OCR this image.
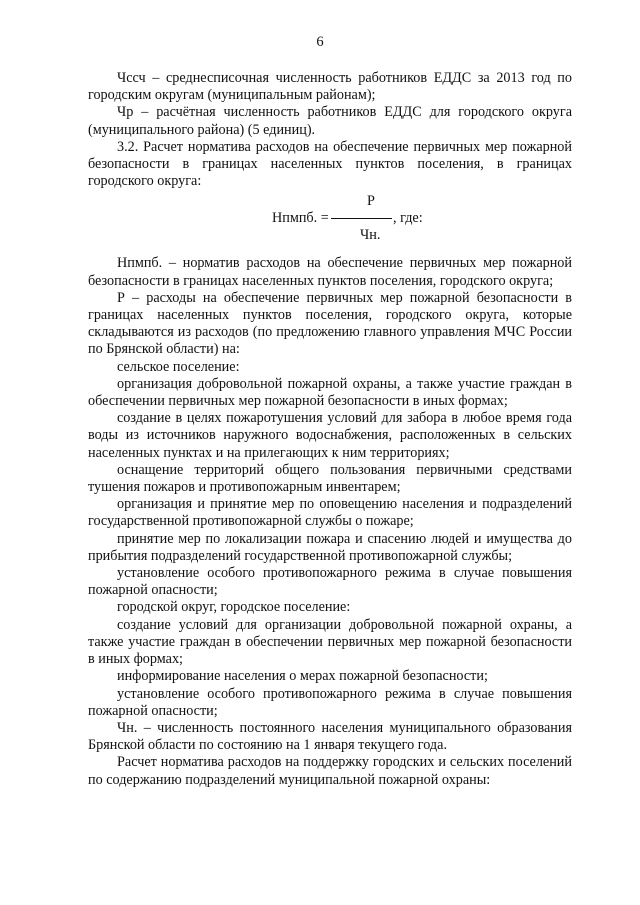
6

Чссч – среднесписочная численность работников ЕДДС за 2013 год по городским округам (муниципальным районам);

Чр – расчётная численность работников ЕДДС для городского округа (муниципального района) (5 единиц).

3.2. Расчет норматива расходов на обеспечение первичных мер пожарной безопасности в границах населенных пунктов поселения, в границах городского округа:

Р
Нпмпб. =	, где:
Чн.

Нпмпб. – норматив расходов на обеспечение первичных мер пожарной безопасности в границах населенных пунктов поселения, городского округа;

Р – расходы на обеспечение первичных мер пожарной безопасности в границах населенных пунктов поселения, городского округа, которые складываются из расходов (по предложению главного управления МЧС России по Брянской области) на:

сельское поселение:

организация добровольной пожарной охраны, а также участие граждан в обеспечении первичных мер пожарной безопасности в иных формах;

создание в целях пожаротушения условий для забора в любое время года воды из источников наружного водоснабжения, расположенных в сельских населенных пунктах и на прилегающих к ним территориях;

оснащение территорий общего пользования первичными средствами тушения пожаров и противопожарным инвентарем;

организация и принятие мер по оповещению населения и подразделений государственной противопожарной службы о пожаре;

принятие мер по локализации пожара и спасению людей и имущества до прибытия подразделений государственной противопожарной службы;

установление особого противопожарного режима в случае повышения пожарной опасности;

городской округ, городское поселение:

создание условий для организации добровольной пожарной охраны, а также участие граждан в обеспечении первичных мер пожарной безопасности в иных формах;

информирование населения о мерах пожарной безопасности;

установление особого противопожарного режима в случае повышения пожарной опасности;

Чн. – численность постоянного населения муниципального образования Брянской области по состоянию на 1 января текущего года.

Расчет норматива расходов на поддержку городских и сельских поселений по содержанию подразделений муниципальной пожарной охраны:
